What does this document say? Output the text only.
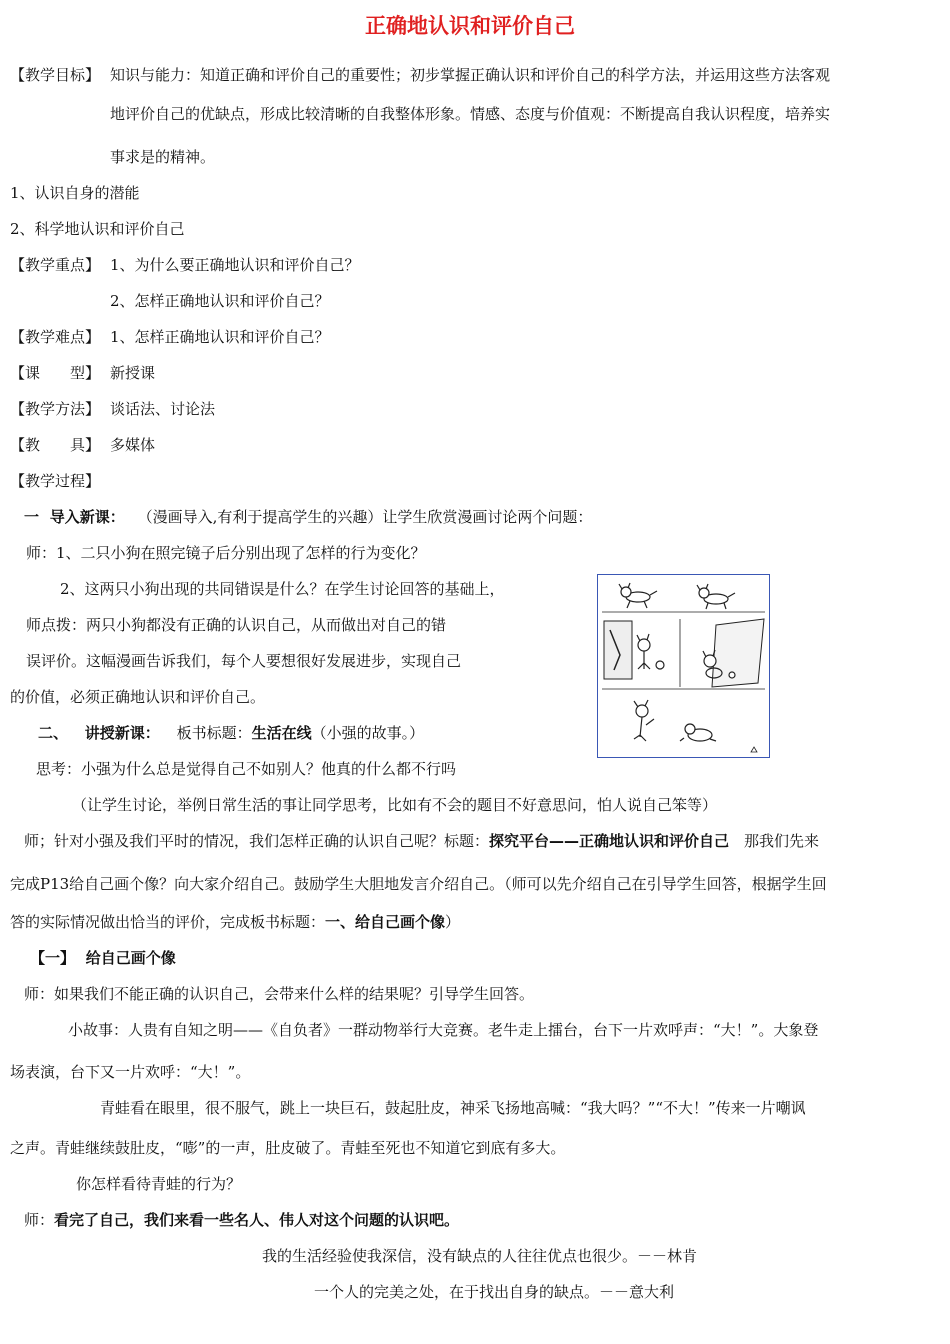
正确地认识和评价自己
【教学目标】 知识与能力：知道正确和评价自己的重要性；初步掌握正确认识和评价自己的科学方法，并运用这些方法客观
地评价自己的优缺点，形成比较清晰的自我整体形象。情感、态度与价值观：不断提高自我认识程度，培养实
事求是的精神。
1、认识自身的潜能
2、科学地认识和评价自己
【教学重点】 1、为什么要正确地认识和评价自己？
2、怎样正确地认识和评价自己？
【教学难点】 1、怎样正确地认识和评价自己？
【课　　型】 新授课
【教学方法】 谈话法、讨论法
【教　　具】 多媒体
【教学过程】
一 导入新课： （漫画导入,有利于提高学生的兴趣）让学生欣赏漫画讨论两个问题：
师：1、二只小狗在照完镜子后分别出现了怎样的行为变化？
2、这两只小狗出现的共同错误是什么？在学生讨论回答的基础上，
师点拨：两只小狗都没有正确的认识自己，从而做出对自己的错
误评价。这幅漫画告诉我们，每个人要想很好发展进步，实现自己
的价值，必须正确地认识和评价自己。
二、 讲授新课： 板书标题：生活在线（小强的故事。）
思考：小强为什么总是觉得自己不如别人？他真的什么都不行吗
（让学生讨论，举例日常生活的事让同学思考，比如有不会的题目不好意思问，怕人说自己笨等）
师；针对小强及我们平时的情况，我们怎样正确的认识自己呢？标题：探究平台——正确地认识和评价自己　那我们先来
完成P13给自己画个像？向大家介绍自己。鼓励学生大胆地发言介绍自己。（师可以先介绍自己在引导学生回答，根据学生回
答的实际情况做出恰当的评价，完成板书标题：一、给自己画个像）
【一】 给自己画个像
师：如果我们不能正确的认识自己，会带来什么样的结果呢？引导学生回答。
小故事：人贵有自知之明——《自负者》一群动物举行大竞赛。老牛走上擂台，台下一片欢呼声：“大！”。大象登
场表演，台下又一片欢呼：“大！”。
青蛙看在眼里，很不服气，跳上一块巨石，鼓起肚皮，神采飞扬地高喊：“我大吗？”“不大！”传来一片嘲讽
之声。青蛙继续鼓肚皮，“嘭”的一声，肚皮破了。青蛙至死也不知道它到底有多大。
你怎样看待青蛙的行为？
师：看完了自己，我们来看一些名人、伟人对这个问题的认识吧。
我的生活经验使我深信，没有缺点的人往往优点也很少。－－林肯
一个人的完美之处，在于找出自身的缺点。－－意大利
